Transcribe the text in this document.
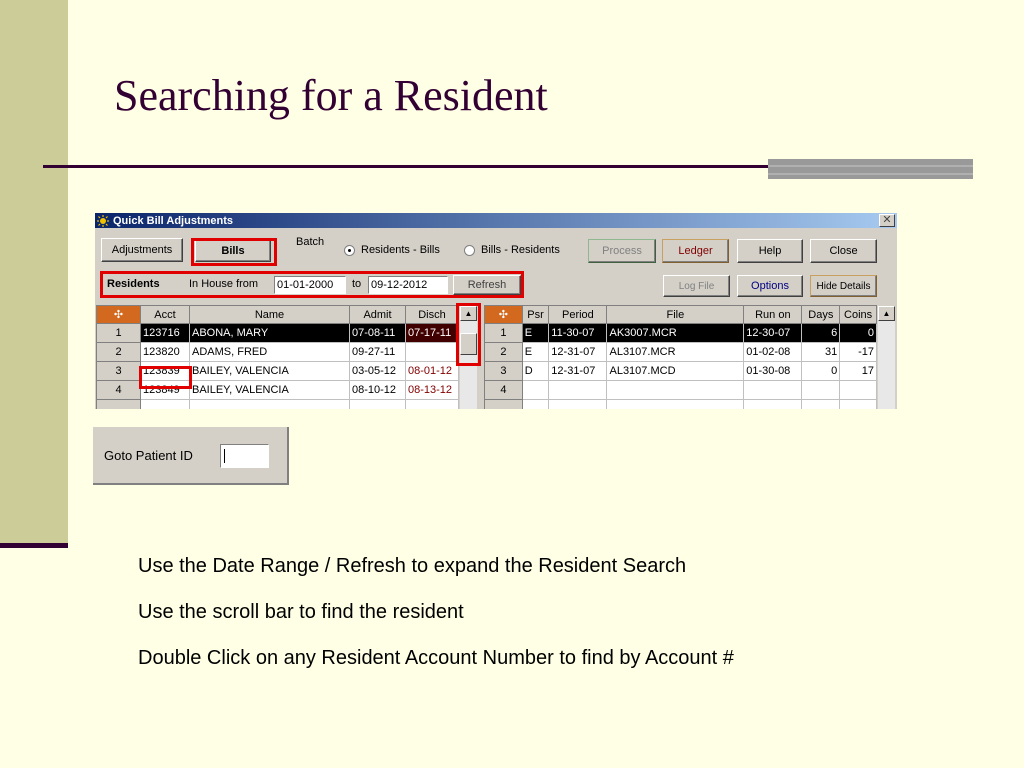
Searching for a Resident
Quick Bill Adjustments	✕
Adjustments	Bills
Batch
Residents - Bills	Bills - Residents	Process	Ledger	Help	Close
Residents	In House from 01-01-2000	to 09-12-2012	Refresh	Log File	Options	Hide Details
✣	Acct	Name	Admit	Disch
1	123716	ABONA, MARY	07-08-11	07-17-11
2	123820	ADAMS, FRED	09-27-11	
3	123839	BAILEY, VALENCIA	03-05-12	08-01-12
4	123849	BAILEY, VALENCIA	08-10-12	08-13-12

▲	✣	Psr	Period	File	Run on	Days	Coins
1	E	11-30-07	AK3007.MCR	12-30-07	6	0
2	E	12-31-07	AL3107.MCR	01-02-08	31	-17
3	D	12-31-07	AL3107.MCD	01-30-08	0	17
4						

▲
Goto Patient ID
Use the Date Range / Refresh to expand the Resident Search
Use the scroll bar to find the resident
Double Click on any Resident Account Number to find by Account #
